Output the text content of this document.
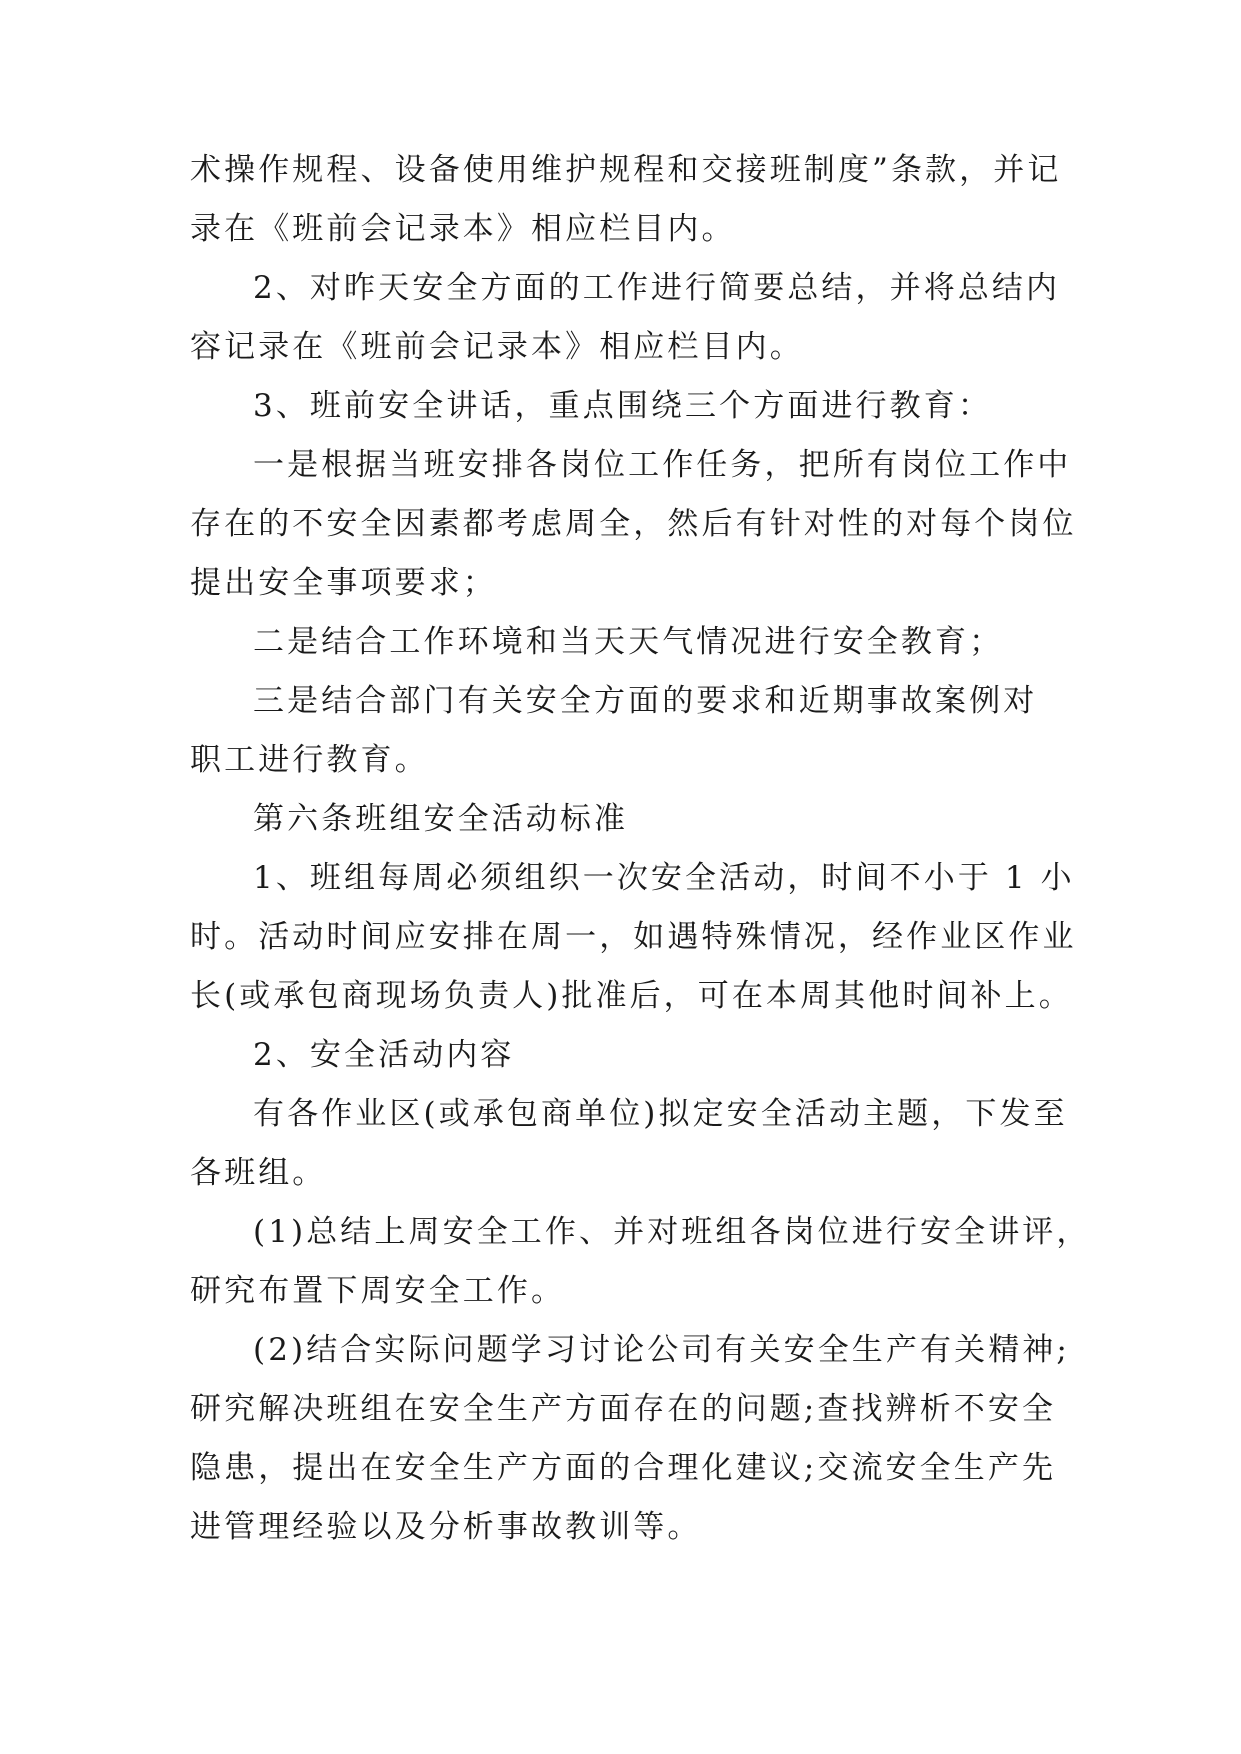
术操作规程、设备使用维护规程和交接班制度”条款，并记
录在《班前会记录本》相应栏目内。
2、对昨天安全方面的工作进行简要总结，并将总结内
容记录在《班前会记录本》相应栏目内。
3、班前安全讲话，重点围绕三个方面进行教育：
一是根据当班安排各岗位工作任务，把所有岗位工作中
存在的不安全因素都考虑周全，然后有针对性的对每个岗位
提出安全事项要求；
二是结合工作环境和当天天气情况进行安全教育；
三是结合部门有关安全方面的要求和近期事故案例对
职工进行教育。
第六条班组安全活动标准
1、班组每周必须组织一次安全活动，时间不小于 1 小
时。活动时间应安排在周一，如遇特殊情况，经作业区作业
长(或承包商现场负责人)批准后，可在本周其他时间补上。
2、安全活动内容
有各作业区(或承包商单位)拟定安全活动主题，下发至
各班组。
(1)总结上周安全工作、并对班组各岗位进行安全讲评，
研究布置下周安全工作。
(2)结合实际问题学习讨论公司有关安全生产有关精神;
研究解决班组在安全生产方面存在的问题;查找辨析不安全
隐患，提出在安全生产方面的合理化建议;交流安全生产先
进管理经验以及分析事故教训等。
